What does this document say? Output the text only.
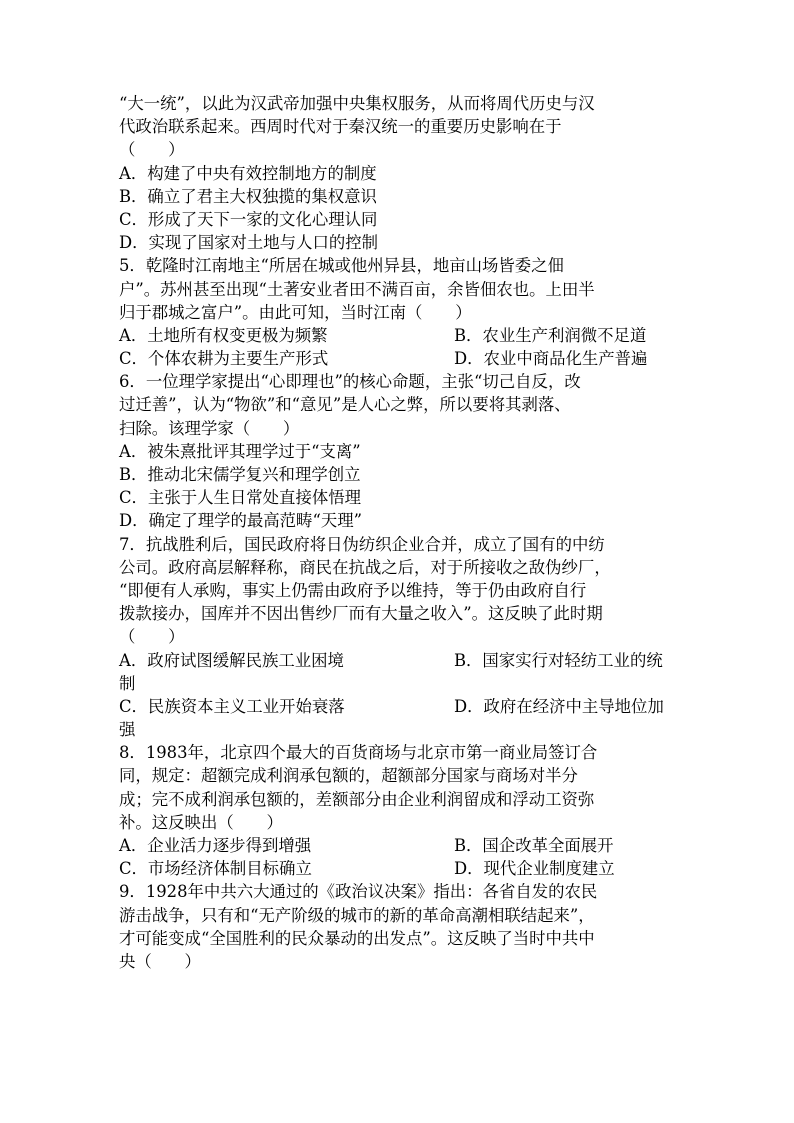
“大一统”，以此为汉武帝加强中央集权服务，从而将周代历史与汉
代政治联系起来。西周时代对于秦汉统一的重要历史影响在于
（　　）
A．构建了中央有效控制地方的制度
B．确立了君主大权独揽的集权意识
C．形成了天下一家的文化心理认同
D．实现了国家对土地与人口的控制
5．乾隆时江南地主“所居在城或他州异县，地亩山场皆委之佃
户”。苏州甚至出现“土著安业者田不满百亩，余皆佃农也。上田半
归于郡城之富户”。由此可知，当时江南（　　）
A．土地所有权变更极为频繁	B．农业生产利润微不足道
C．个体农耕为主要生产形式	D．农业中商品化生产普遍
6．一位理学家提出“心即理也”的核心命题，主张“切己自反，改
过迁善”，认为“物欲”和“意见”是人心之弊，所以要将其剥落、
扫除。该理学家（　　）
A．被朱熹批评其理学过于“支离”
B．推动北宋儒学复兴和理学创立
C．主张于人生日常处直接体悟理
D．确定了理学的最高范畴“天理”
7．抗战胜利后，国民政府将日伪纺织企业合并，成立了国有的中纺
公司。政府高层解释称，商民在抗战之后，对于所接收之敌伪纱厂，
“即便有人承购，事实上仍需由政府予以维持，等于仍由政府自行
拨款接办，国库并不因出售纱厂而有大量之收入”。这反映了此时期
（　　）
A．政府试图缓解民族工业困境	B．国家实行对轻纺工业的统
制
C．民族资本主义工业开始衰落	D．政府在经济中主导地位加
强
8．1983年，北京四个最大的百货商场与北京市第一商业局签订合
同，规定：超额完成利润承包额的，超额部分国家与商场对半分
成；完不成利润承包额的，差额部分由企业利润留成和浮动工资弥
补。这反映出（　　）
A．企业活力逐步得到增强	B．国企改革全面展开
C．市场经济体制目标确立	D．现代企业制度建立
9．1928年中共六大通过的《政治议决案》指出：各省自发的农民
游击战争，只有和“无产阶级的城市的新的革命高潮相联结起来”，
才可能变成“全国胜利的民众暴动的出发点”。这反映了当时中共中
央（　　）
